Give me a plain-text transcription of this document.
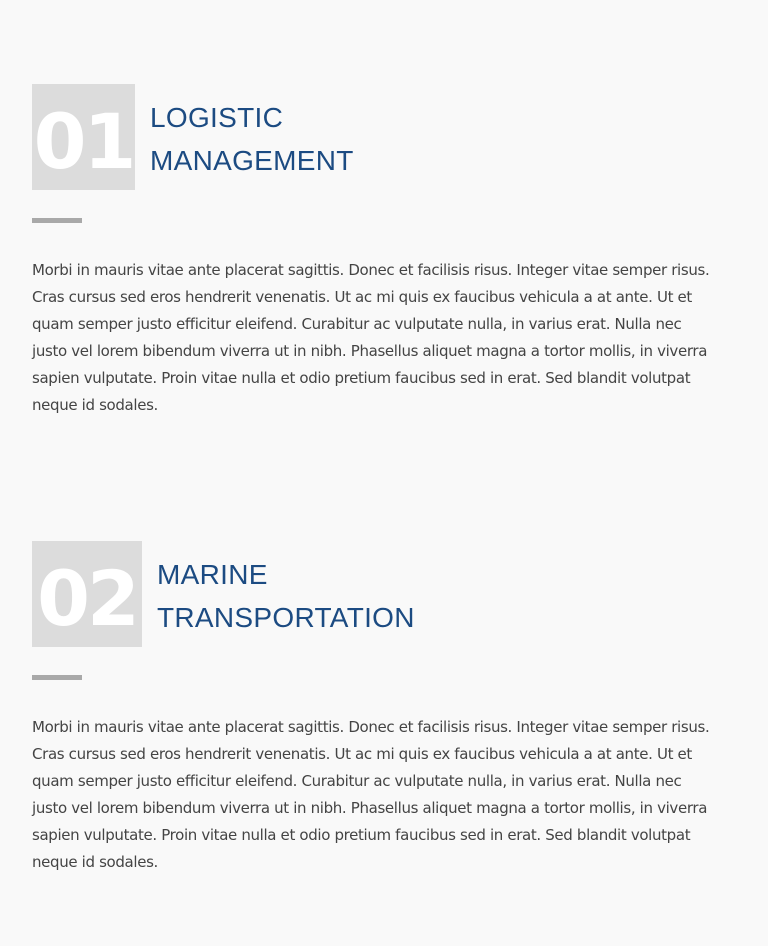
01 LOGISTIC
MANAGEMENT

Morbi in mauris vitae ante placerat sagittis. Donec et facilisis risus. Integer vitae semper risus.
Cras cursus sed eros hendrerit venenatis. Ut ac mi quis ex faucibus vehicula a at ante. Ut et
quam semper justo efficitur eleifend. Curabitur ac vulputate nulla, in varius erat. Nulla nec
justo vel lorem bibendum viverra ut in nibh. Phasellus aliquet magna a tortor mollis, in viverra
sapien vulputate. Proin vitae nulla et odio pretium faucibus sed in erat. Sed blandit volutpat
neque id sodales.

02 MARINE
TRANSPORTATION

Morbi in mauris vitae ante placerat sagittis. Donec et facilisis risus. Integer vitae semper risus.
Cras cursus sed eros hendrerit venenatis. Ut ac mi quis ex faucibus vehicula a at ante. Ut et
quam semper justo efficitur eleifend. Curabitur ac vulputate nulla, in varius erat. Nulla nec
justo vel lorem bibendum viverra ut in nibh. Phasellus aliquet magna a tortor mollis, in viverra
sapien vulputate. Proin vitae nulla et odio pretium faucibus sed in erat. Sed blandit volutpat
neque id sodales.
